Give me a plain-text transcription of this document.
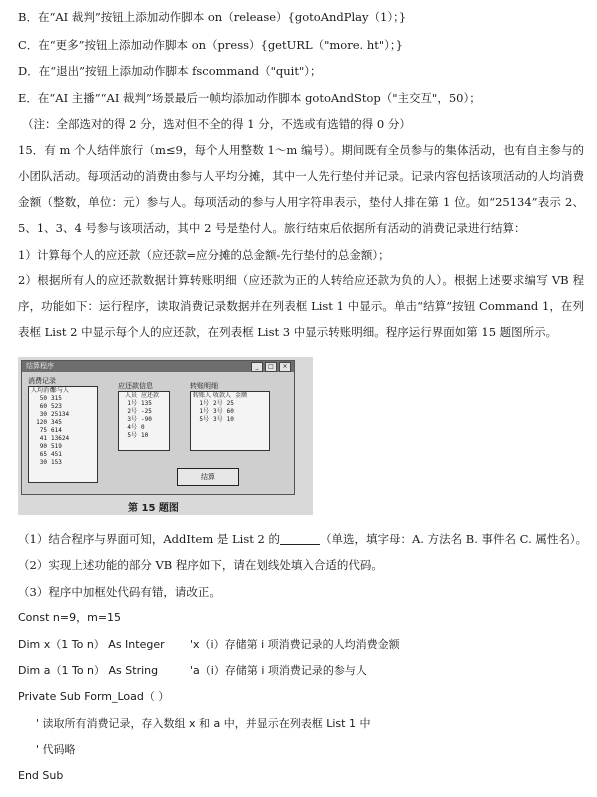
B．在“AI 裁判”按钮上添加动作脚本 on（release）{gotoAndPlay（1）；}
C．在“更多”按钮上添加动作脚本 on（press）{getURL（"more. ht"）；}
D．在“退出”按钮上添加动作脚本 fscommand（"quit"）；
E．在“AI 主播”“AI 裁判”场景最后一帧均添加动作脚本 gotoAndStop（"主交互"，50）；
（注：全部选对的得 2 分，选对但不全的得 1 分，不选或有选错的得 0 分）
15．有 m 个人结伴旅行（m≤9，每个人用整数 1～m 编号）。期间既有全员参与的集体活动，也有自主参与的小团队活动。每项活动的消费由参与人平均分摊，其中一人先行垫付并记录。记录内容包括该项活动的人均消费金额（整数，单位：元）参与人。每项活动的参与人用字符串表示，垫付人排在第 1 位。如“25134”表示 2、5、1、3、4 号参与该项活动，其中 2 号是垫付人。旅行结束后依据所有活动的消费记录进行结算：
1）计算每个人的应还款（应还款=应分摊的总金额-先行垫付的总金额）；
2）根据所有人的应还款数据计算转账明细（应还款为正的人转给应还款为负的人）。根据上述要求编写 VB 程序，功能如下：运行程序，读取消费记录数据并在列表框 List 1 中显示。单击“结算”按钮 Command 1，在列表框 List 2 中显示每个人的应还款，在列表框 List 3 中显示转账明细。程序运行界面如第 15 题图所示。
结算程序	_	□	×
消费记录
人均消费
参与人
50 315
60 523
30 25134
120 345
75 614
41 13624
90 519
65 451
30 153
应还款信息
人员 应还款
1号 135
2号 -25
3号 -90
4号 0
5号 10
转账明细
转账人 收款人 金额
1号 2号 25
1号 3号 60
5号 3号 10
结算
第 15 题图
（1）结合程序与界面可知，AddItem 是 List 2 的	（单选，填字母：A. 方法名 B. 事件名 C. 属性名）。
（2）实现上述功能的部分 VB 程序如下，请在划线处填入合适的代码。
（3）程序中加框处代码有错，请改正。
Const n=9，m=15
Dim x（1 To n） As Integer 'x（i）存储第 i 项消费记录的人均消费金额
Dim a（1 To n） As String	'a（i）存储第 i 项消费记录的参与人
Private Sub Form_Load（ ）
' 读取所有消费记录，存入数组 x 和 a 中，并显示在列表框 List 1 中
' 代码略
End Sub
